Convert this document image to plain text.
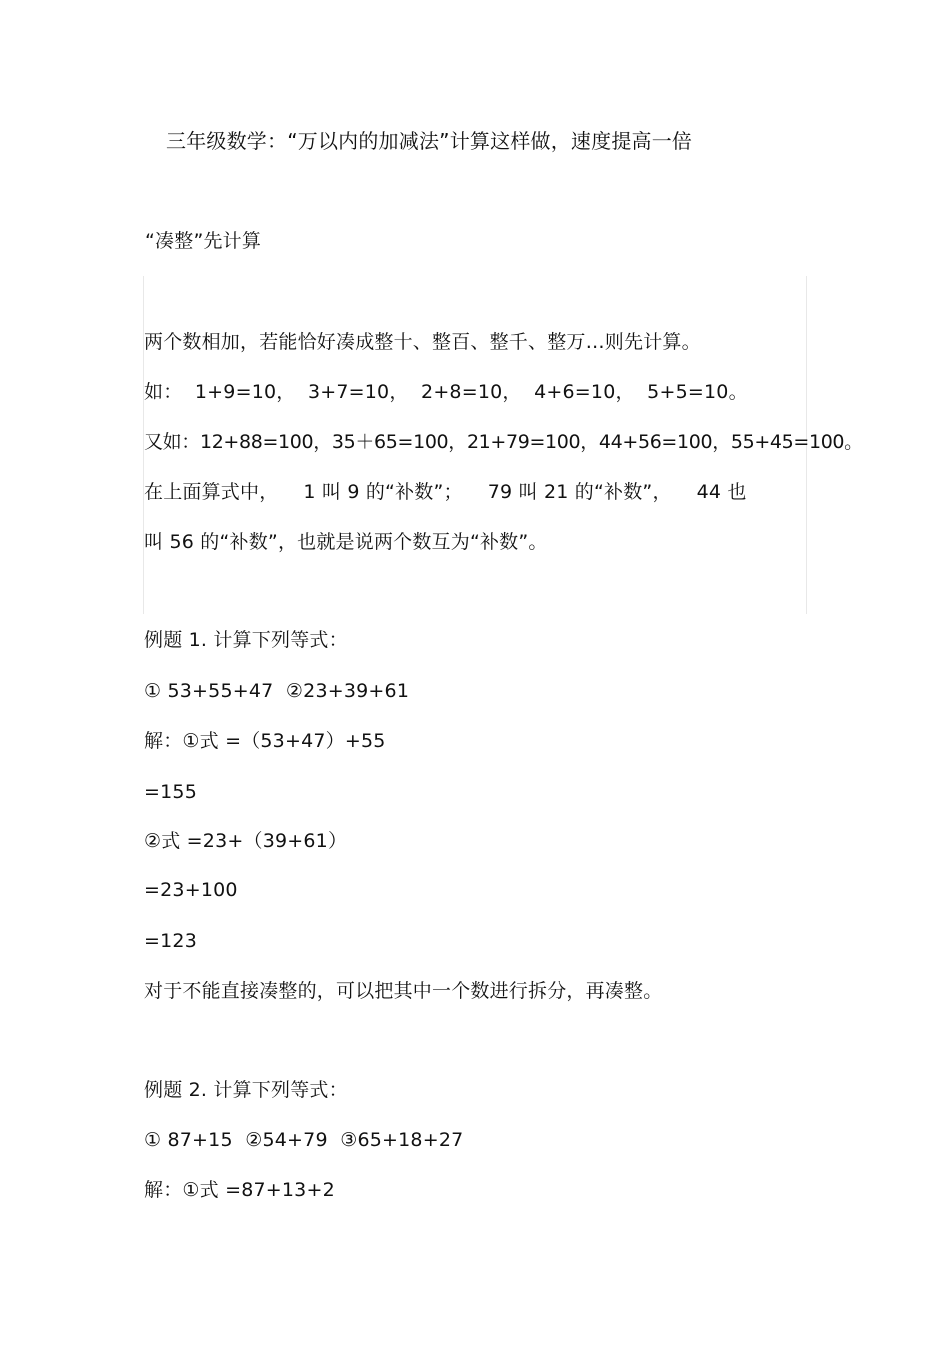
三年级数学：“万以内的加减法”计算这样做，速度提高一倍
“凑整”先计算
两个数相加，若能恰好凑成整十、整百、整千、整万…则先计算。
如：  1+9=10，  3+7=10，  2+8=10，  4+6=10，  5+5=10。
又如：12+88=100，35＋65=100，21+79=100，44+56=100，55+45=100。
在上面算式中，    1 叫 9 的“补数”；    79 叫 21 的“补数”，    44 也
叫 56 的“补数”，也就是说两个数互为“补数”。
例题 1. 计算下列等式：
① 53+55+47  ②23+39+61
解：①式 =（53+47）+55
=155
②式 =23+（39+61）
=23+100
=123
对于不能直接凑整的，可以把其中一个数进行拆分，再凑整。
例题 2. 计算下列等式：
① 87+15  ②54+79  ③65+18+27
解：①式 =87+13+2
